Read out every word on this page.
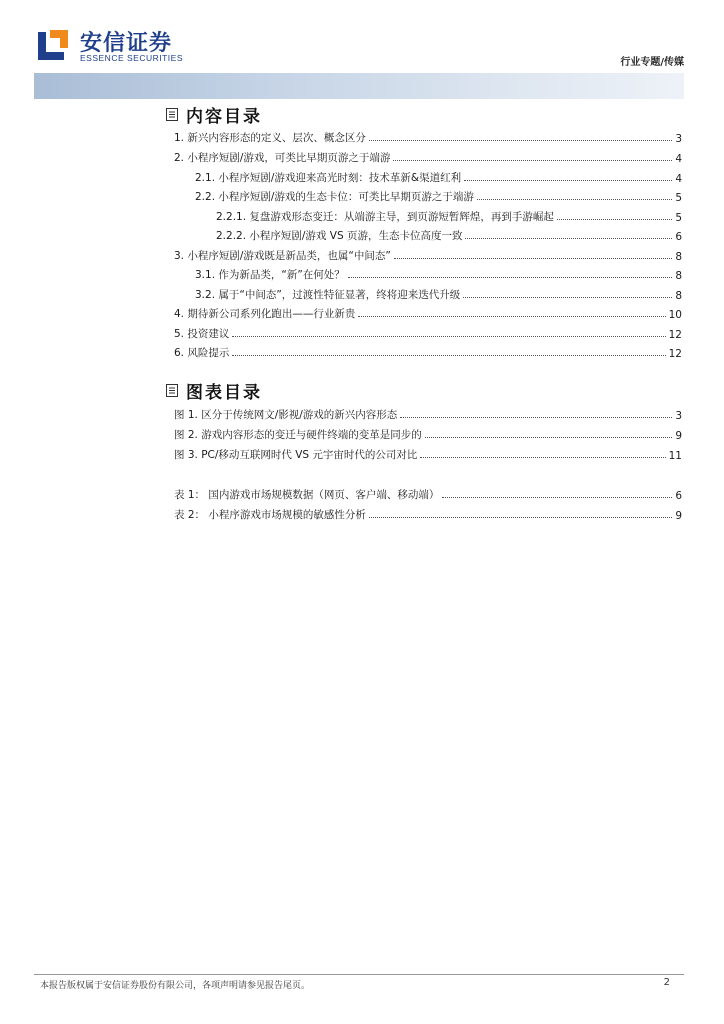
安信证券
ESSENCE SECURITIES	行业专题/传媒
内容目录
1. 新兴内容形态的定义、层次、概念区分	3
2. 小程序短剧/游戏，可类比早期页游之于端游	4
2.1. 小程序短剧/游戏迎来高光时刻：技术革新&渠道红利	4
2.2. 小程序短剧/游戏的生态卡位：可类比早期页游之于端游	5
2.2.1. 复盘游戏形态变迁：从端游主导，到页游短暂辉煌，再到手游崛起	5
2.2.2. 小程序短剧/游戏 VS 页游，生态卡位高度一致	6
3. 小程序短剧/游戏既是新品类，也属“中间态”	8
3.1. 作为新品类，“新”在何处？	8
3.2. 属于“中间态”，过渡性特征显著，终将迎来迭代升级	8
4. 期待新公司系列化跑出——行业新贵	10
5. 投资建议	12
6. 风险提示	12
图表目录
图 1. 区分于传统网文/影视/游戏的新兴内容形态	3
图 2. 游戏内容形态的变迁与硬件终端的变革是同步的	9
图 3. PC/移动互联网时代 VS 元宇宙时代的公司对比	11
表 1： 国内游戏市场规模数据（网页、客户端、移动端）	6
表 2： 小程序游戏市场规模的敏感性分析	9
本报告版权属于安信证券股份有限公司，各项声明请参见报告尾页。	2
